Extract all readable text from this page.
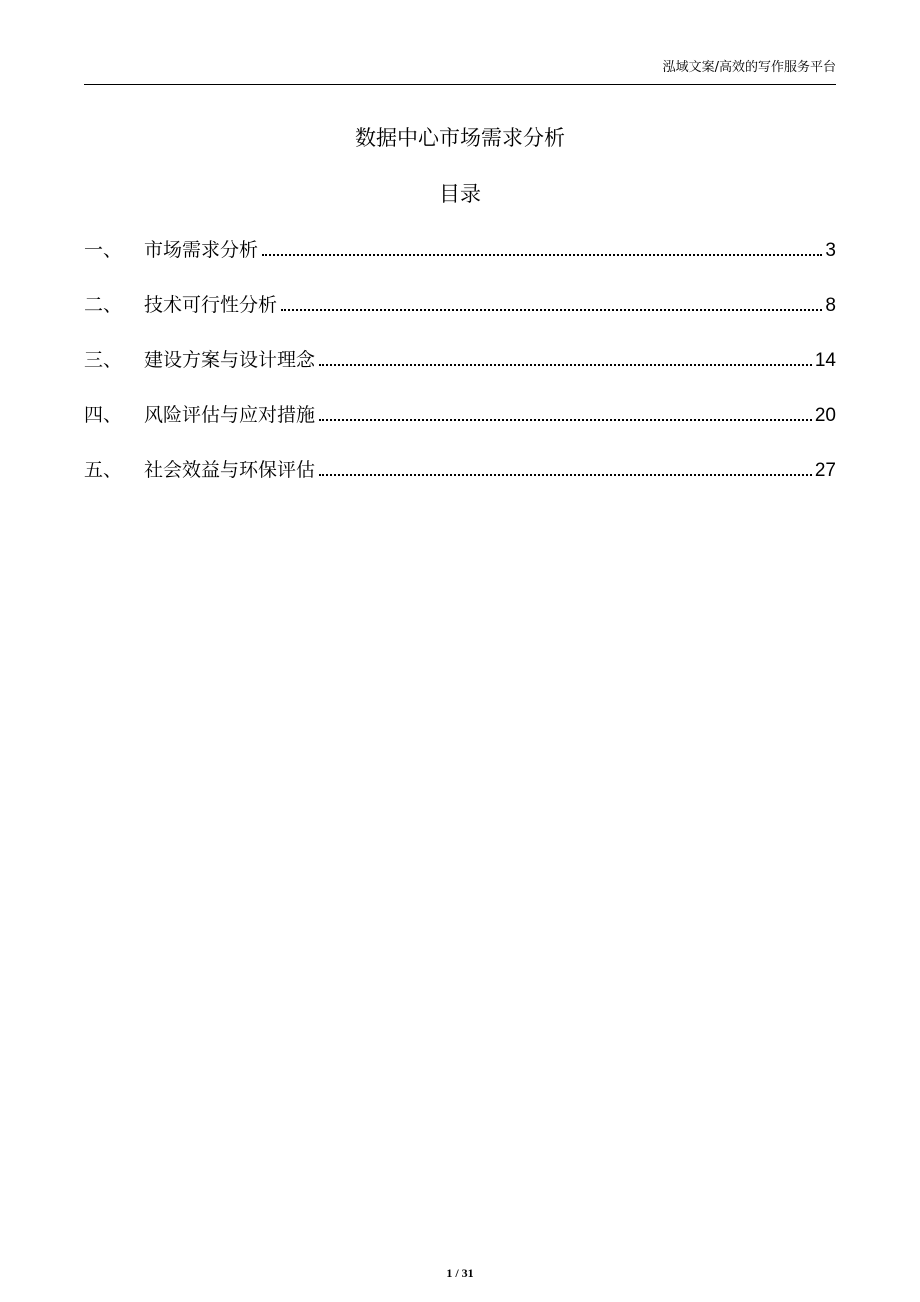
泓域文案/高效的写作服务平台
数据中心市场需求分析
目录
一、	市场需求分析	3
二、	技术可行性分析	8
三、	建设方案与设计理念	14
四、	风险评估与应对措施	20
五、	社会效益与环保评估	27
1 / 31
